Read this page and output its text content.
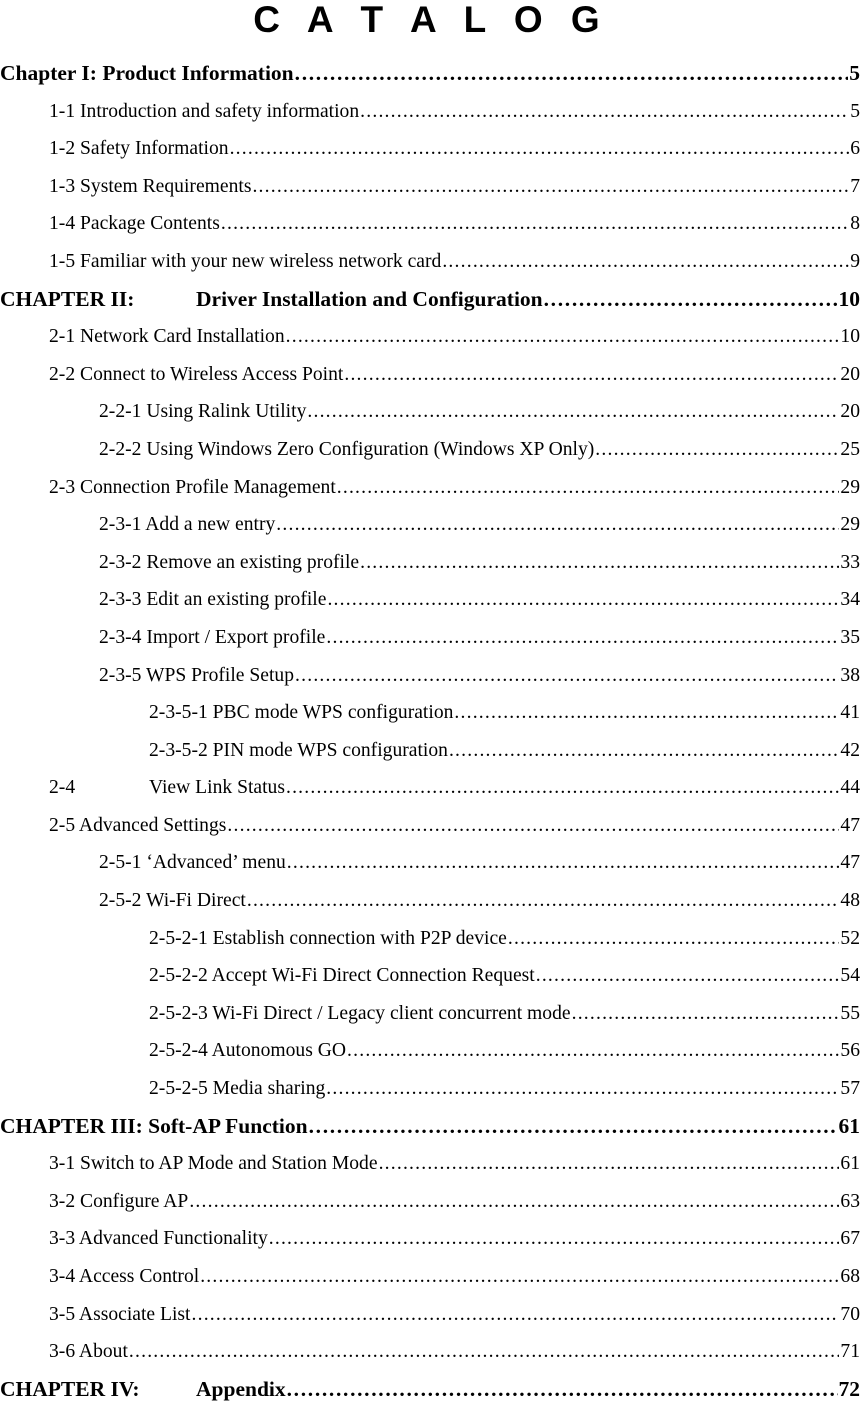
C A T A L O G
Chapter I: Product Information . . .	5
1-1 Introduction and safety information . . .	5
1-2 Safety Information . . .	6
1-3 System Requirements . . .	7
1-4 Package Contents . . .	8
1-5 Familiar with your new wireless network card . . .	9
CHAPTER II:	Driver Installation and Configuration . . .	10
2-1 Network Card Installation . . .	10
2-2 Connect to Wireless Access Point . . .	20
2-2-1 Using Ralink Utility . . .	20
2-2-2 Using Windows Zero Configuration (Windows XP Only) . . .	25
2-3 Connection Profile Management . . .	29
2-3-1 Add a new entry . . .	29
2-3-2 Remove an existing profile . . .	33
2-3-3 Edit an existing profile . . .	34
2-3-4 Import / Export profile . . .	35
2-3-5 WPS Profile Setup . . .	38
2-3-5-1 PBC mode WPS configuration . . .	41
2-3-5-2 PIN mode WPS configuration . . .	42
2-4	View Link Status . . .	44
2-5 Advanced Settings . . .	47
2-5-1 ‘Advanced’ menu . . .	47
2-5-2 Wi-Fi Direct . . .	48
2-5-2-1 Establish connection with P2P device . . .	52
2-5-2-2 Accept Wi-Fi Direct Connection Request . . .	54
2-5-2-3 Wi-Fi Direct / Legacy client concurrent mode . . .	55
2-5-2-4 Autonomous GO . . .	56
2-5-2-5 Media sharing . . .	57
CHAPTER III: Soft-AP Function . . .	61
3-1 Switch to AP Mode and Station Mode . . .	61
3-2 Configure AP . . .	63
3-3 Advanced Functionality . . .	67
3-4 Access Control . . .	68
3-5 Associate List . . .	70
3-6 About . . .	71
CHAPTER IV:	Appendix . . .	72
